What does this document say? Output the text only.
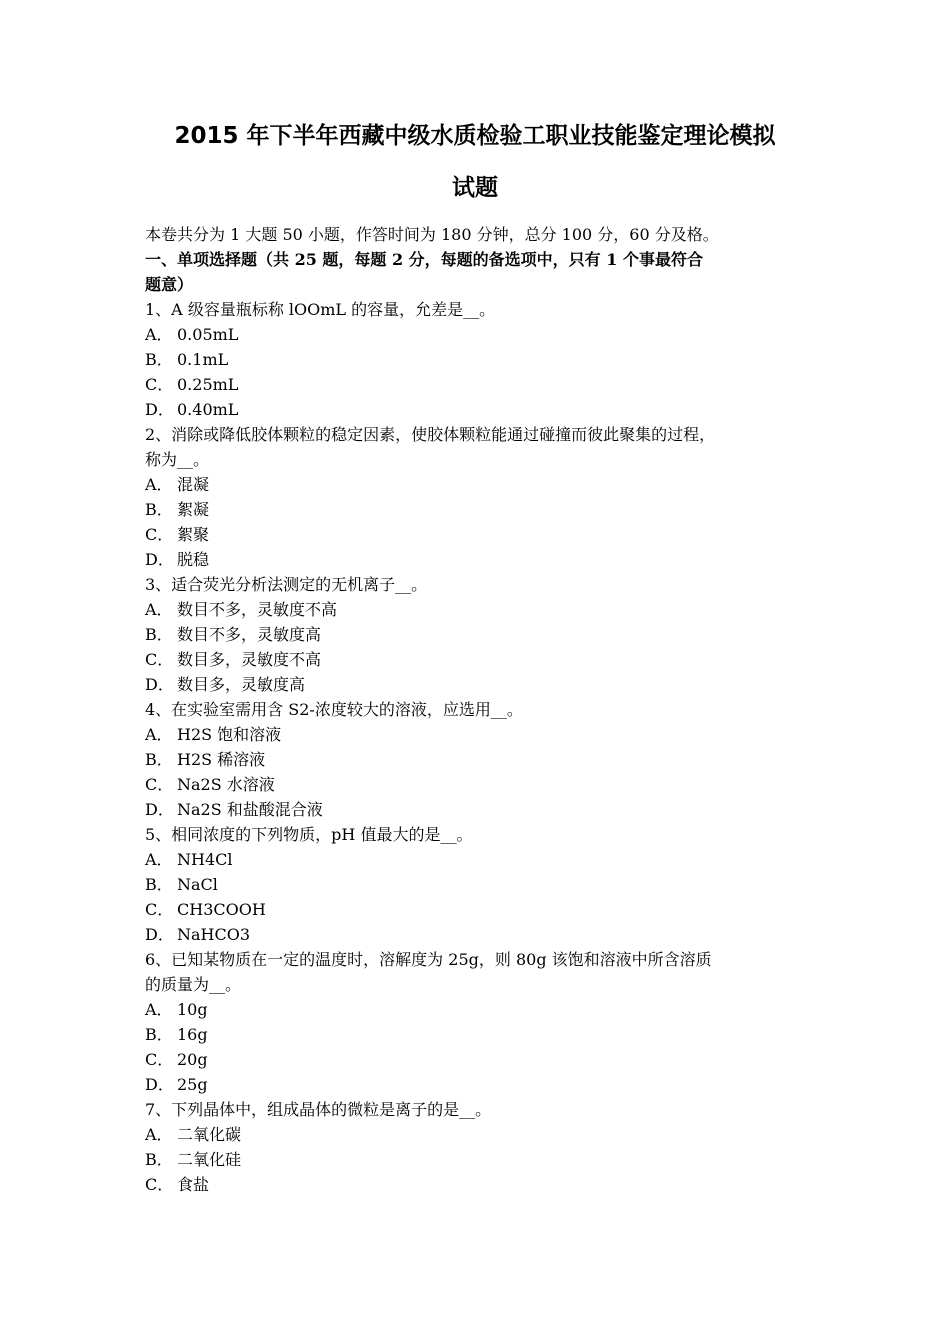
2015 年下半年西藏中级水质检验工职业技能鉴定理论模拟
试题
本卷共分为 1 大题 50 小题，作答时间为 180 分钟，总分 100 分，60 分及格。
一、单项选择题（共 25 题，每题 2 分，每题的备选项中，只有 1 个事最符合
题意）
1、A 级容量瓶标称 lOOmL 的容量，允差是__。
A． 0.05mL
B． 0.1mL
C． 0.25mL
D． 0.40mL
2、消除或降低胶体颗粒的稳定因素，使胶体颗粒能通过碰撞而彼此聚集的过程，
称为__。
A． 混凝
B． 絮凝
C． 絮聚
D． 脱稳
3、适合荧光分析法测定的无机离子__。
A． 数目不多，灵敏度不高
B． 数目不多，灵敏度高
C． 数目多，灵敏度不高
D． 数目多，灵敏度高
4、在实验室需用含 S2-浓度较大的溶液，应选用__。
A． H2S 饱和溶液
B． H2S 稀溶液
C． Na2S 水溶液
D． Na2S 和盐酸混合液
5、相同浓度的下列物质，pH 值最大的是__。
A． NH4Cl
B． NaCl
C． CH3COOH
D． NaHCO3
6、已知某物质在一定的温度时，溶解度为 25g，则 80g 该饱和溶液中所含溶质
的质量为__。
A． 10g
B． 16g
C． 20g
D． 25g
7、下列晶体中，组成晶体的微粒是离子的是__。
A． 二氧化碳
B． 二氧化硅
C． 食盐
